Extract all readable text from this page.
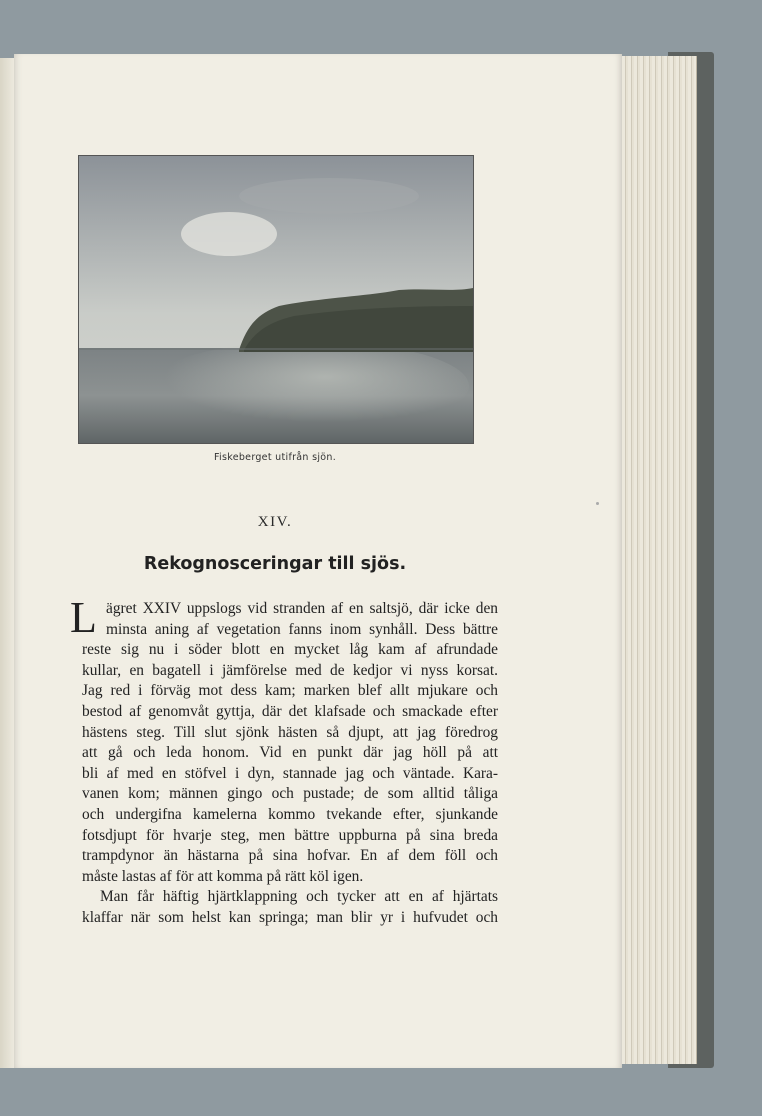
Fiskeberget utifrån sjön.
XIV.
Rekognosceringar till sjös.
L ägret XXIV uppslogs vid stranden af en saltsjö, där icke den
minsta aning af vegetation fanns inom synhåll. Dess bättre
reste sig nu i söder blott en mycket låg kam af afrundade
kullar, en bagatell i jämförelse med de kedjor vi nyss korsat.
Jag red i förväg mot dess kam; marken blef allt mjukare och
bestod af genomvåt gyttja, där det klafsade och smackade efter
hästens steg. Till slut sjönk hästen så djupt, att jag föredrog
att gå och leda honom. Vid en punkt där jag höll på att
bli af med en stöfvel i dyn, stannade jag och väntade. Kara-
vanen kom; männen gingo och pustade; de som alltid tåliga
och undergifna kamelerna kommo tvekande efter, sjunkande
fotsdjupt för hvarje steg, men bättre uppburna på sina breda
trampdynor än hästarna på sina hofvar. En af dem föll och
måste lastas af för att komma på rätt köl igen.
Man får häftig hjärtklappning och tycker att en af hjärtats
klaffar när som helst kan springa; man blir yr i hufvudet och
